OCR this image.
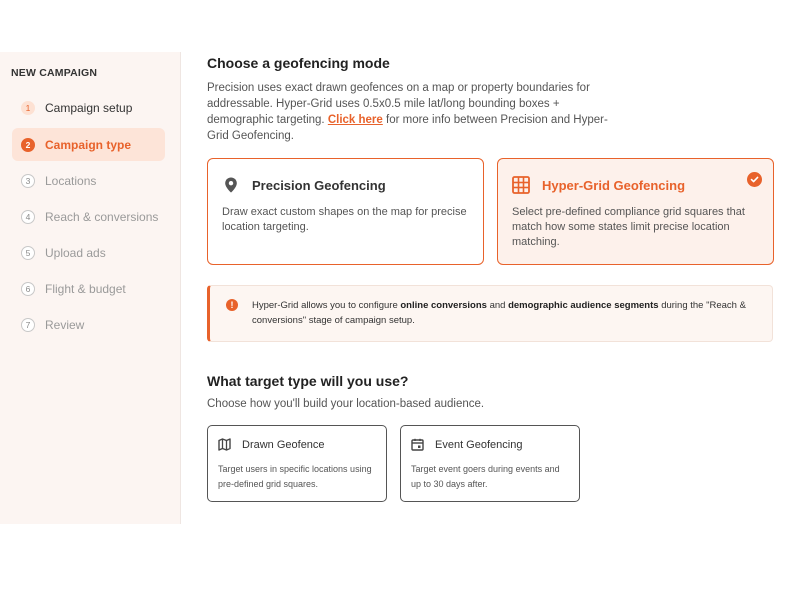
NEW CAMPAIGN
1	Campaign setup
2	Campaign type
3	Locations
4	Reach & conversions
5	Upload ads
6	Flight & budget
7	Review
Choose a geofencing mode
Precision uses exact drawn geofences on a map or property boundaries for addressable. Hyper-Grid uses 0.5x0.5 mile lat/long bounding boxes + demographic targeting. Click here for more info between Precision and Hyper-Grid Geofencing.
Precision Geofencing
Draw exact custom shapes on the map for precise location targeting.
Hyper-Grid Geofencing
Select pre-defined compliance grid squares that match how some states limit precise location matching.
!	Hyper-Grid allows you to configure online conversions and demographic audience segments during the "Reach & conversions" stage of campaign setup.
What target type will you use?
Choose how you'll build your location-based audience.
Drawn Geofence
Target users in specific locations using pre-defined grid squares.
Event Geofencing
Target event goers during events and up to 30 days after.
